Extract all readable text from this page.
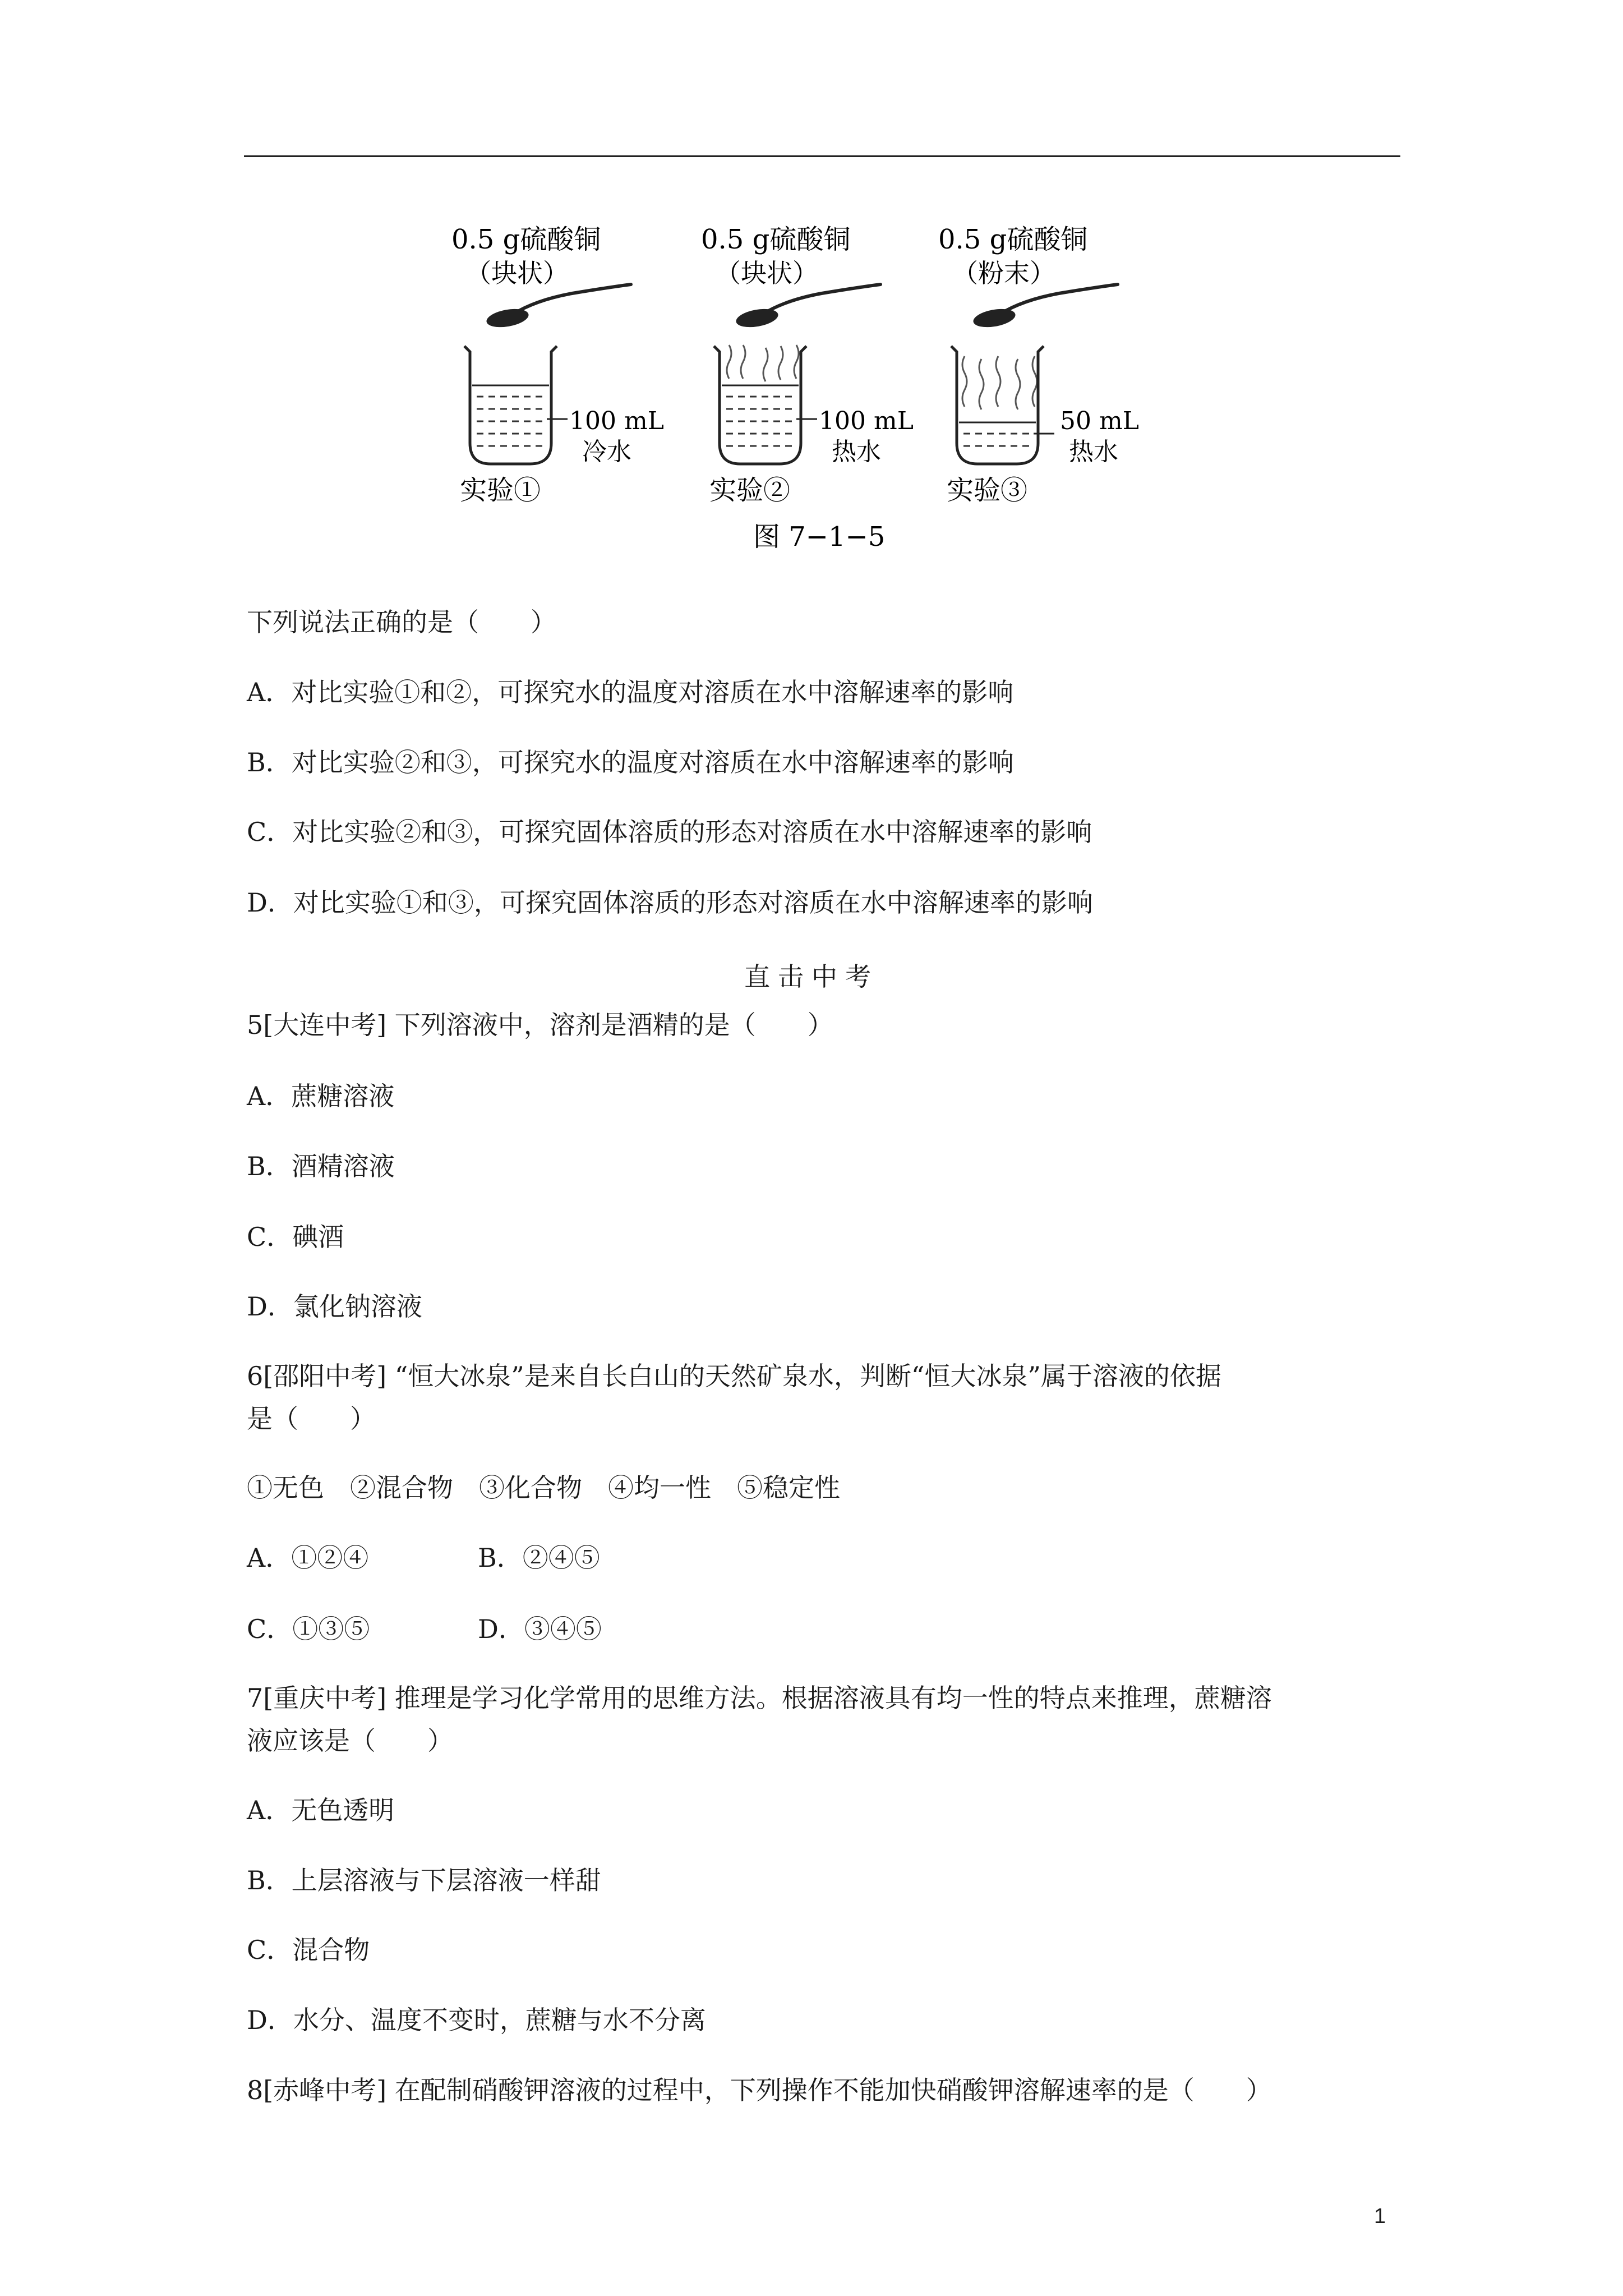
0.5 g硫酸铜
（块状）
100 mL
冷水
实验①
0.5 g硫酸铜
（块状）
100 mL
热水
实验②
0.5 g硫酸铜
（粉末）
50 mL
热水
实验③
图 7−1−5
下列说法正确的是（　　）
A．对比实验①和②，可探究水的温度对溶质在水中溶解速率的影响
B．对比实验②和③，可探究水的温度对溶质在水中溶解速率的影响
C．对比实验②和③，可探究固体溶质的形态对溶质在水中溶解速率的影响
D．对比实验①和③，可探究固体溶质的形态对溶质在水中溶解速率的影响
直击中考
5[大连中考] 下列溶液中，溶剂是酒精的是（　　）
A．蔗糖溶液
B．酒精溶液
C．碘酒
D．氯化钠溶液
6[邵阳中考] “恒大冰泉”是来自长白山的天然矿泉水，判断“恒大冰泉”属于溶液的依据
是（　　）
①无色　②混合物　③化合物　④均一性　⑤稳定性
A．①②④	B．②④⑤
C．①③⑤	D．③④⑤
7[重庆中考] 推理是学习化学常用的思维方法。根据溶液具有均一性的特点来推理，蔗糖溶
液应该是（　　）
A．无色透明
B．上层溶液与下层溶液一样甜
C．混合物
D．水分、温度不变时，蔗糖与水不分离
8[赤峰中考] 在配制硝酸钾溶液的过程中，下列操作不能加快硝酸钾溶解速率的是（　　）
1
